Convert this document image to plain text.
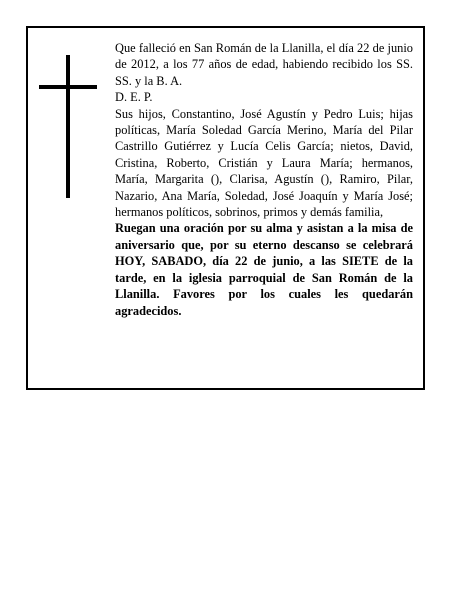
Que falleció en San Román de la Llanilla, el día 22 de junio de 2012, a los 77 años de edad, habiendo recibido los SS. SS. y la B. A.

D. E. P.

Sus hijos, Constantino, José Agustín y Pedro Luis; hijas políticas, María Soledad García Merino, María del Pilar Castrillo Gutiérrez y Lucía Celis García; nietos, David, Cristina, Roberto, Cristián y Laura María; hermanos, María, Margarita (), Clarisa, Agustín (), Ramiro, Pilar, Nazario, Ana María, Soledad, José Joaquín y María José; hermanos políticos, sobrinos, primos y demás familia,

Ruegan una oración por su alma y asistan a la misa de aniversario que, por su eterno descanso se celebrará HOY, SABADO, día 22 de junio, a las SIETE de la tarde, en la iglesia parroquial de San Román de la Llanilla. Favores por los cuales les quedarán agradecidos.
